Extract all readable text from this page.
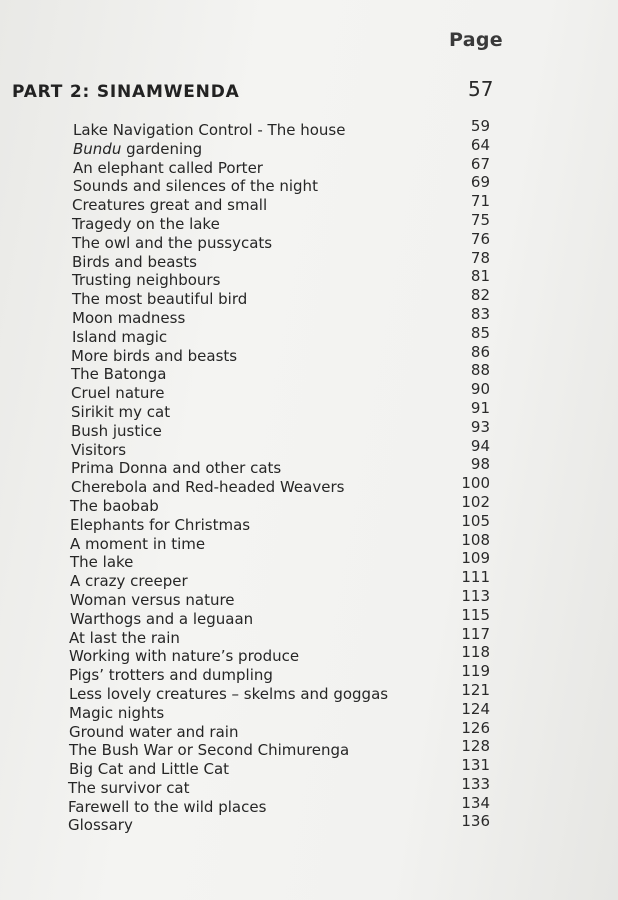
Page
PART 2: SINAMWENDA	57
Lake Navigation Control - The house	59
Bundu gardening	64
An elephant called Porter	67
Sounds and silences of the night	69
Creatures great and small	71
Tragedy on the lake	75
The owl and the pussycats	76
Birds and beasts	78
Trusting neighbours	81
The most beautiful bird	82
Moon madness	83
Island magic	85
More birds and beasts	86
The Batonga	88
Cruel nature	90
Sirikit my cat	91
Bush justice	93
Visitors	94
Prima Donna and other cats	98
Cherebola and Red-headed Weavers	100
The baobab	102
Elephants for Christmas	105
A moment in time	108
The lake	109
A crazy creeper	111
Woman versus nature	113
Warthogs and a leguaan	115
At last the rain	117
Working with nature’s produce	118
Pigs’ trotters and dumpling	119
Less lovely creatures – skelms and goggas	121
Magic nights	124
Ground water and rain	126
The Bush War or Second Chimurenga	128
Big Cat and Little Cat	131
The survivor cat	133
Farewell to the wild places	134
Glossary	136
